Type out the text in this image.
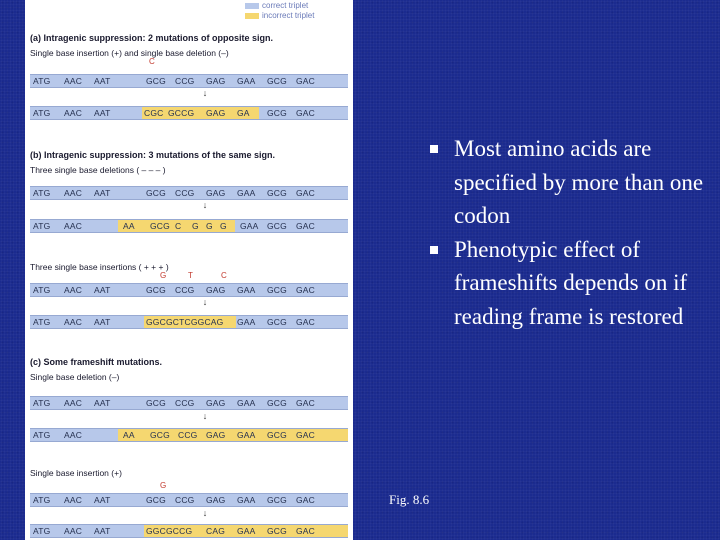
correct triplet
incorrect triplet
(a) Intragenic suppression: 2 mutations of opposite sign.
Single base insertion (+) and single base deletion (–)
C
ATG AAC AAT	GCG CCG GAG GAA GCG GAC
↓
ATG AAC AAT	CGC GCCG GAG GA GCG GAC
(b) Intragenic suppression: 3 mutations of the same sign.
Three single base deletions ( – – – )
ATG AAC AAT	GCG CCG GAG GAA GCG GAC
↓
ATG AAC	AA GCG C G G G GAA GCG GAC
Three single base insertions ( + + + )
G	T	C
ATG AAC AAT	GCG CCG GAG GAA GCG GAC
↓
ATG AAC AAT	GGCGCTCGGCAG GAA GCG GAC
(c) Some frameshift mutations.
Single base deletion (–)
ATG AAC AAT	GCG CCG GAG GAA GCG GAC
↓
ATG AAC	AA GCG CCG GAG GAA GCG GAC
Single base insertion (+)
G
ATG AAC AAT	GCG CCG GAG GAA GCG GAC
↓
ATG AAC AAT	GGCGCCG CAG GAA GCG GAC
Fig. 8.6
Most amino acids are specified by more than one codon
Phenotypic effect of frameshifts depends on if reading frame is restored
